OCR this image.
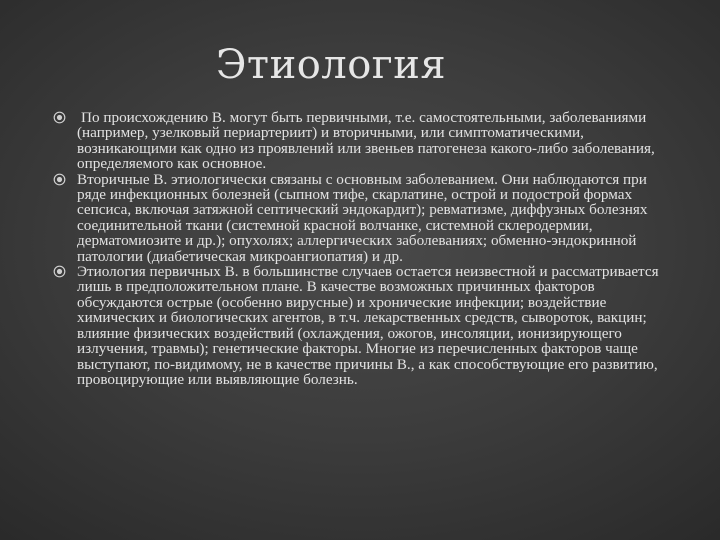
Этиология
По происхождению В. могут быть первичными, т.е. самостоятельными, заболеваниями (например, узелковый периартериит) и вторичными, или симптоматическими, возникающими как одно из проявлений или звеньев патогенеза какого-либо заболевания, определяемого как основное.
Вторичные В. этиологически связаны с основным заболеванием. Они наблюдаются при ряде инфекционных болезней (сыпном тифе, скарлатине, острой и подострой формах сепсиса, включая затяжной септический эндокардит); ревматизме, диффузных болезнях соединительной ткани (системной красной волчанке, системной склеродермии, дерматомиозите и др.); опухолях; аллергических заболеваниях; обменно-эндокринной патологии (диабетическая микроангиопатия) и др.
Этиология первичных В. в большинстве случаев остается неизвестной и рассматривается лишь в предположительном плане. В качестве возможных причинных факторов обсуждаются острые (особенно вирусные) и хронические инфекции; воздействие химических и биологических агентов, в т.ч. лекарственных средств, сывороток, вакцин; влияние физических воздействий (охлаждения, ожогов, инсоляции, ионизирующего излучения, травмы); генетические факторы. Многие из перечисленных факторов чаще выступают, по-видимому, не в качестве причины В., а как способствующие его развитию, провоцирующие или выявляющие болезнь.
